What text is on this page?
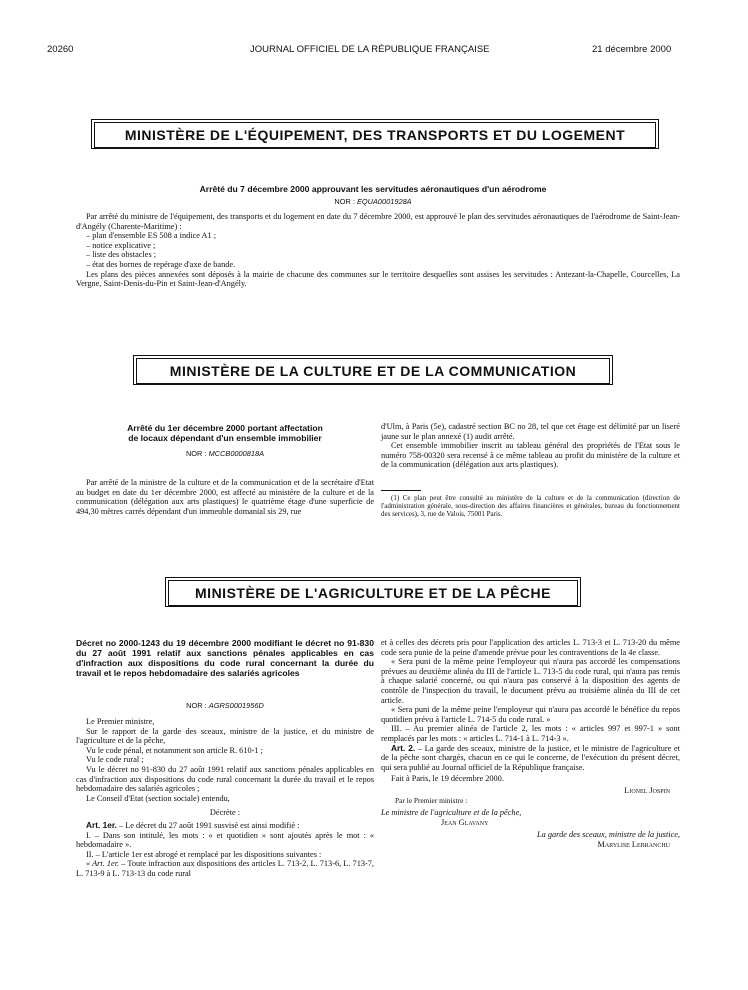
20260	JOURNAL OFFICIEL DE LA RÉPUBLIQUE FRANÇAISE	21 décembre 2000
MINISTÈRE DE L'ÉQUIPEMENT, DES TRANSPORTS ET DU LOGEMENT
Arrêté du 7 décembre 2000 approuvant les servitudes aéronautiques d'un aérodrome
NOR : EQUA0001928A

Par arrêté du ministre de l'équipement, des transports et du logement en date du 7 décembre 2000, est approuvé le plan des servitudes aéronautiques de l'aérodrome de Saint-Jean-d'Angély (Charente-Maritime) :

– plan d'ensemble ES 508 a indice A1 ;

– notice explicative ;

– liste des obstacles ;

– état des bornes de repérage d'axe de bande.

Les plans des pièces annexées sont déposés à la mairie de chacune des communes sur le territoire desquelles sont assises les servitudes : Antezant-la-Chapelle, Courcelles, La Vergne, Saint-Denis-du-Pin et Saint-Jean-d'Angély.

MINISTÈRE DE LA CULTURE ET DE LA COMMUNICATION
Arrêté du 1er décembre 2000 portant affectation
de locaux dépendant d'un ensemble immobilier
NOR : MCCB0000818A

Par arrêté de la ministre de la culture et de la communication et de la secrétaire d'Etat au budget en date du 1er décembre 2000, est affecté au ministère de la culture et de la communication (délégation aux arts plastiques) le quatrième étage d'une superficie de 494,30 mètres carrés dépendant d'un immeuble domanial sis 29, rue

d'Ulm, à Paris (5e), cadastré section BC no 28, tel que cet étage est délimité par un liseré jaune sur le plan annexé (1) audit arrêté.

Cet ensemble immobilier inscrit au tableau général des propriétés de l'Etat sous le numéro 758-00320 sera recensé à ce même tableau au profit du ministère de la culture et de la communication (délégation aux arts plastiques).

(1) Ce plan peut être consulté au ministère de la culture et de la communication (direction de l'administration générale, sous-direction des affaires financières et générales, bureau du fonctionnement des services), 3, rue de Valois, 75001 Paris.

MINISTÈRE DE L'AGRICULTURE ET DE LA PÊCHE
Décret no 2000-1243 du 19 décembre 2000 modifiant le décret no 91-830 du 27 août 1991 relatif aux sanctions pénales applicables en cas d'infraction aux dispositions du code rural concernant la durée du travail et le repos hebdomadaire des salariés agricoles
NOR : AGRS0001956D

Le Premier ministre,

Sur le rapport de la garde des sceaux, ministre de la justice, et du ministre de l'agriculture et de la pêche,

Vu le code pénal, et notamment son article R. 610-1 ;

Vu le code rural ;

Vu le décret no 91-830 du 27 août 1991 relatif aux sanctions pénales applicables en cas d'infraction aux dispositions du code rural concernant la durée du travail et le repos hebdomadaire des salariés agricoles ;

Le Conseil d'Etat (section sociale) entendu,

Décrète :

Art. 1er. – Le décret du 27 août 1991 susvisé est ainsi modifié :

I. – Dans son intitulé, les mots : « et quotidien » sont ajoutés après le mot : « hebdomadaire ».

II. – L'article 1er est abrogé et remplacé par les dispositions suivantes :

« Art. 1er. – Toute infraction aux dispositions des articles L. 713-2, L. 713-6, L. 713-7, L. 713-9 à L. 713-13 du code rural

et à celles des décrets pris pour l'application des articles L. 713-3 et L. 713-20 du même code sera punie de la peine d'amende prévue pour les contraventions de la 4e classe.

« Sera puni de la même peine l'employeur qui n'aura pas accordé les compensations prévues au deuxième alinéa du III de l'article L. 713-5 du code rural, qui n'aura pas remis à chaque salarié concerné, ou qui n'aura pas conservé à la disposition des agents de contrôle de l'inspection du travail, le document prévu au troisième alinéa du III de cet article.

« Sera puni de la même peine l'employeur qui n'aura pas accordé le bénéfice du repos quotidien prévu à l'article L. 714-5 du code rural. »

III. – Au premier alinéa de l'article 2, les mots : « articles 997 et 997-1 » sont remplacés par les mots : « articles L. 714-1 à L. 714-3 ».

Art. 2. – La garde des sceaux, ministre de la justice, et le ministre de l'agriculture et de la pêche sont chargés, chacun en ce qui le concerne, de l'exécution du présent décret, qui sera publié au Journal officiel de la République française.

Fait à Paris, le 19 décembre 2000.

Lionel Jospin

Par le Premier ministre :

Le ministre de l'agriculture et de la pêche,

Jean Glavany

La garde des sceaux, ministre de la justice,

Marylise Lebranchu
